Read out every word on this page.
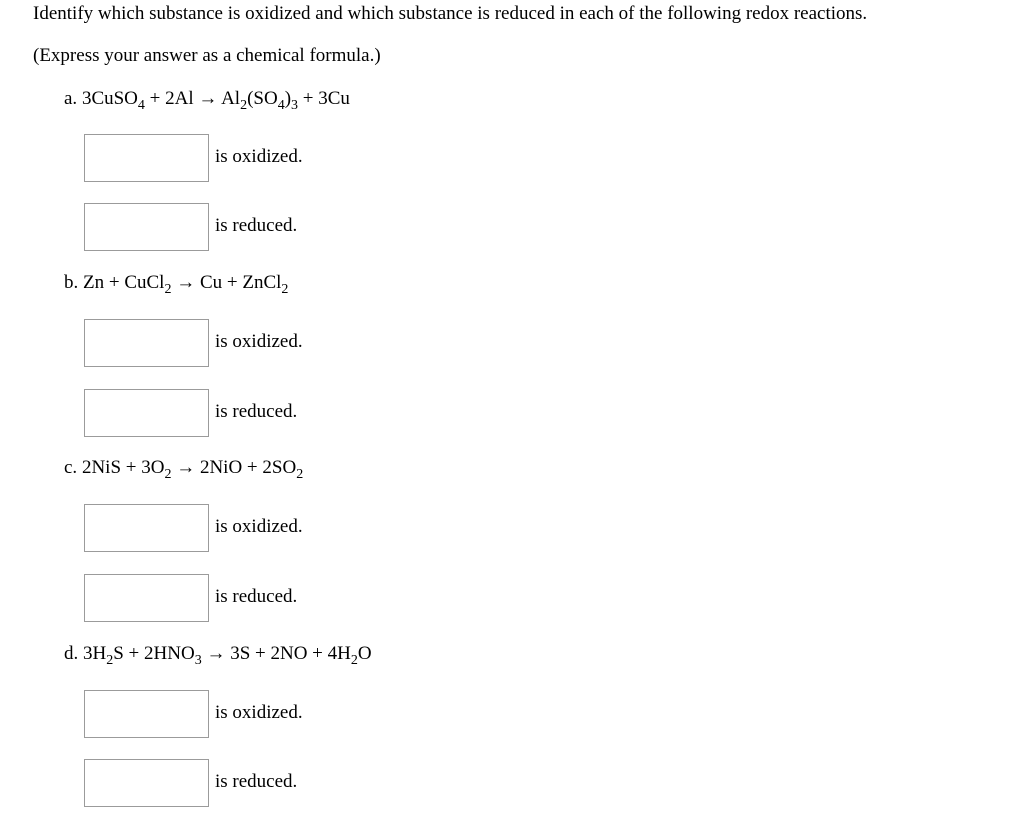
Identify which substance is oxidized and which substance is reduced in each of the following redox reactions.
(Express your answer as a chemical formula.)
a. 3CuSO$_4$ + $2Al \to Al_2(SO_4)_3 + 3Cu$
is oxidized.
is reduced.
b. Zn + CuCl$_2$ → Cu + ZnCl$_2$
is oxidized.
is reduced.
c. $2NiS + 3O_2 \to 2NiO + 2SO_2$
is oxidized.
is reduced.
d. $3H_2S + 2HNO_3 \to 3S + 2NO + 4H_2O$
is oxidized.
is reduced.
